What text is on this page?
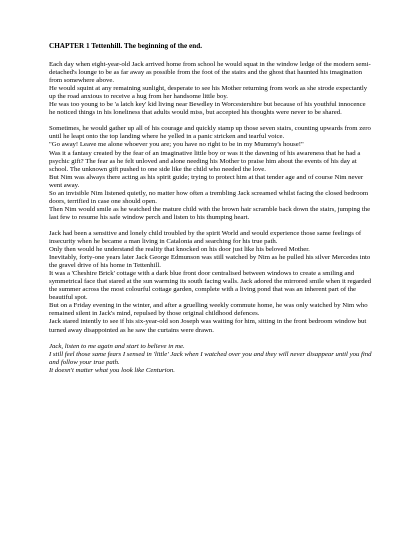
CHAPTER 1 Tettenhill. The beginning of the end.
Each day when eight-year-old Jack arrived home from school he would squat in the window ledge of the modern semi-detached's lounge to be as far away as possible from the foot of the stairs and the ghost that haunted his imagination from somewhere above.
He would squint at any remaining sunlight, desperate to see his Mother returning from work as she strode expectantly up the road anxious to receive a hug from her handsome little boy.
He was too young to be 'a latch key' kid living near Bewdley in Worcestershire but because of his youthful innocence he noticed things in his loneliness that adults would miss, but accepted his thoughts were never to be shared.
Sometimes, he would gather up all of his courage and quickly stamp up those seven stairs, counting upwards from zero until he leapt onto the top landing where he yelled in a panic stricken and tearful voice.
"Go away! Leave me alone whoever you are; you have no right to be in my Mummy's house!"
Was it a fantasy created by the fear of an imaginative little boy or was it the dawning of his awareness that he had a psychic gift? The fear as he felt unloved and alone needing his Mother to praise him about the events of his day at school. The unknown gift pushed to one side like the child who needed the love.
But Nim was always there acting as his spirit guide; trying to protect him at that tender age and of course Nim never went away.
So an invisible Nim listened quietly, no matter how often a trembling Jack screamed whilst facing the closed bedroom doors, terrified in case one should open.
Then Nim would smile as he watched the mature child with the brown hair scramble back down the stairs, jumping the last few to resume his safe window perch and listen to his thumping heart.
Jack had been a sensitive and lonely child troubled by the spirit World and would experience those same feelings of insecurity when he became a man living in Catalonia and searching for his true path.
Only then would he understand the reality that knocked on his door just like his beloved Mother.
Inevitably, forty-one years later Jack George Edmunson was still watched by Nim as he pulled his silver Mercedes into the gravel drive of his home in Tettenhill.
It was a 'Cheshire Brick' cottage with a dark blue front door centralised between windows to create a smiling and symmetrical face that stared at the sun warming its south facing walls. Jack adored the mirrored smile when it regarded the summer across the most colourful cottage garden, complete with a living pond that was an inherent part of the beautiful spot.
But on a Friday evening in the winter, and after a gruelling weekly commute home, he was only watched by Nim who remained silent in Jack's mind, repulsed by those original childhood defences.
Jack stared intently to see if his six-year-old son Joseph was waiting for him, sitting in the front bedroom window but turned away disappointed as he saw the curtains were drawn.
Jack, listen to me again and start to believe in me.
I still feel those same fears I sensed in 'little' Jack when I watched over you and they will never disappear until you find and follow your true path.
It doesn't matter what you look like Centurion.
